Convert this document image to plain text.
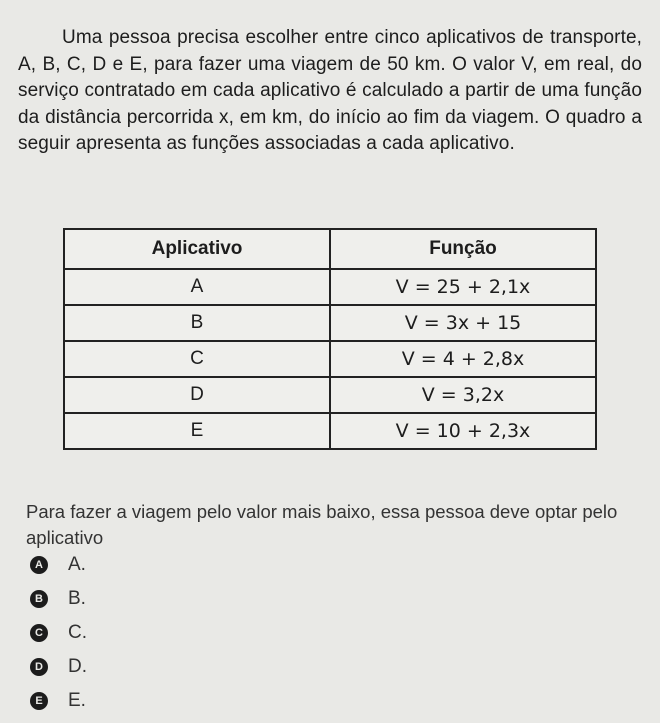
Uma pessoa precisa escolher entre cinco aplicativos de transporte, A, B, C, D e E, para fazer uma viagem de 50 km. O valor V, em real, do serviço contratado em cada aplicativo é calculado a partir de uma função da distância percorrida x, em km, do início ao fim da viagem. O quadro a seguir apresenta as funções associadas a cada aplicativo.

Aplicativo	Função
A	V = 25 + 2,1x
B	V = 3x + 15
C	V = 4 + 2,8x
D	V = 3,2x
E	V = 10 + 2,3x

Para fazer a viagem pelo valor mais baixo, essa pessoa deve optar pelo aplicativo

A A.
B B.
C C.
D D.
E E.
